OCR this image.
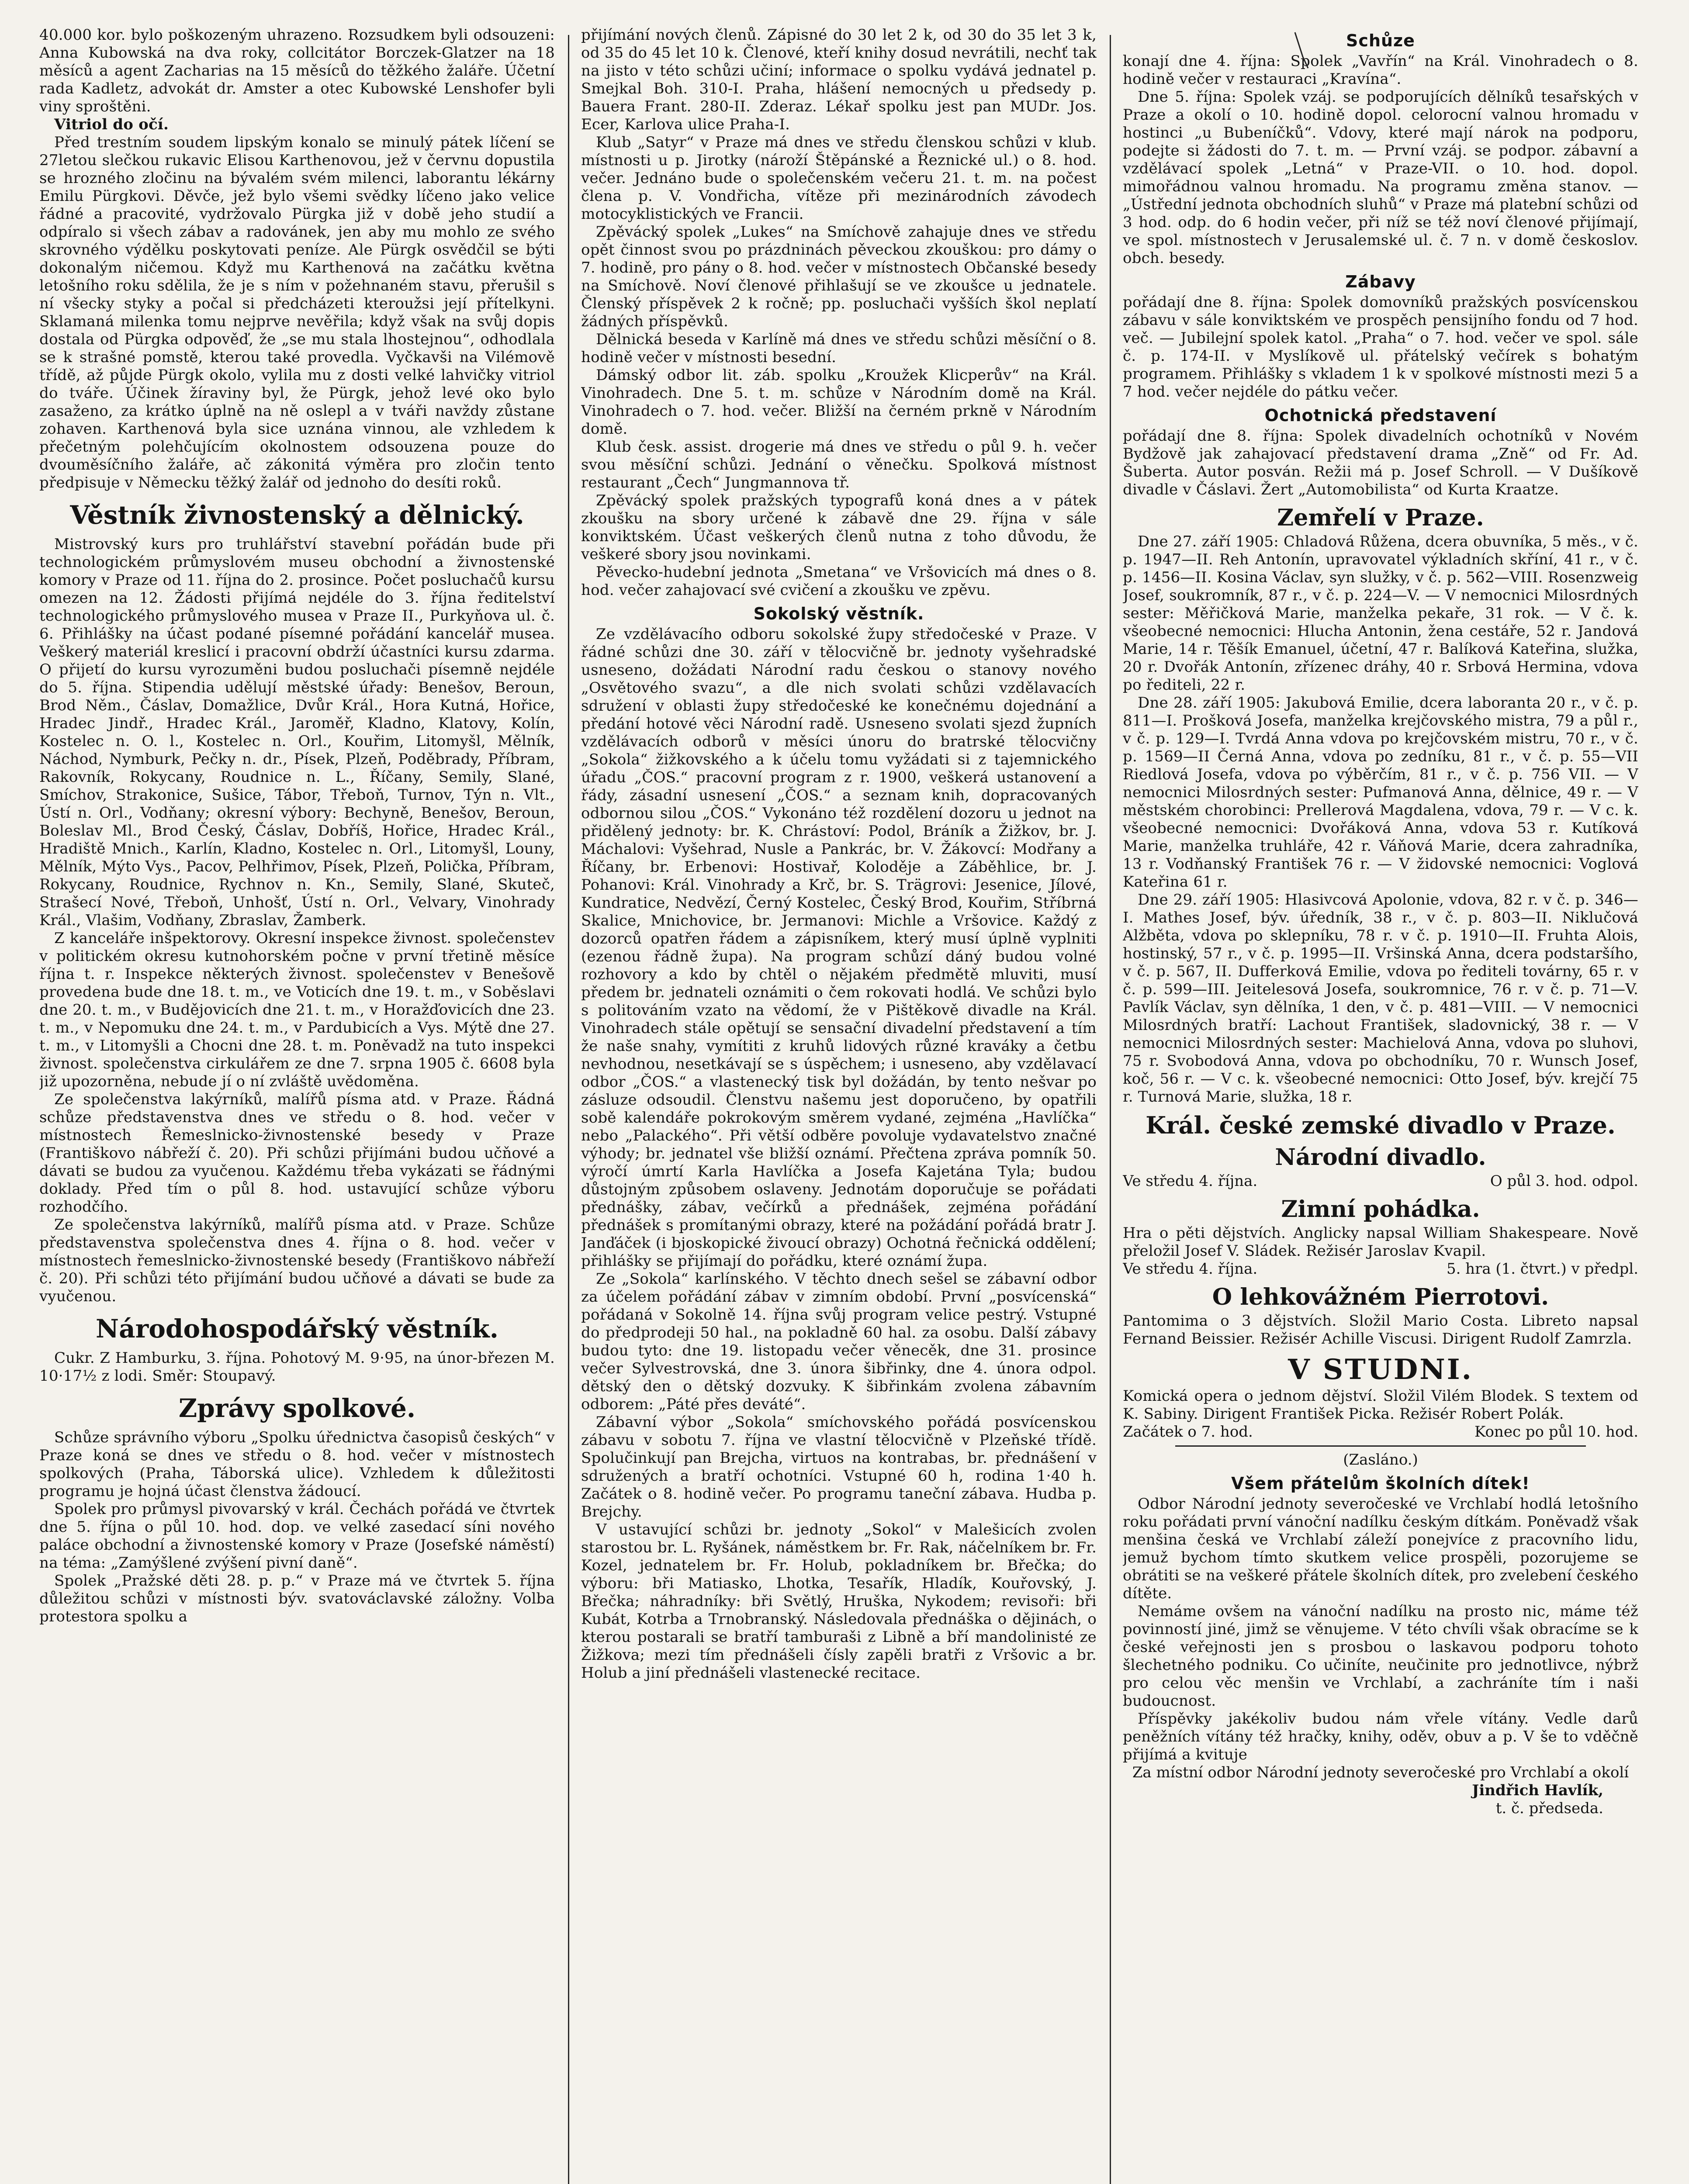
40.000 kor. bylo poškozeným uhrazeno. Rozsudkem byli odsouzeni: Anna Kubowská na dva roky, collcitátor Borczek-Glatzer na 18 měsíců a agent Zacharias na 15 měsíců do těžkého žaláře. Účetní rada Kadletz, advokát dr. Amster a otec Kubowské Lenshofer byli viny sproštěni.

Vitriol do očí.

Před trestním soudem lipským konalo se minulý pátek líčení se 27letou slečkou rukavic Elisou Karthenovou, jež v červnu dopustila se hrozného zločinu na bývalém svém milenci, laborantu lékárny Emilu Pürgkovi. Děvče, jež bylo všemi svědky líčeno jako velice řádné a pracovité, vydržovalo Pürgka již v době jeho studií a odpíralo si všech zábav a radovánek, jen aby mu mohlo ze svého skrovného výdělku poskytovati peníze. Ale Pürgk osvědčil se býti dokonalým ničemou. Když mu Karthenová na začátku května letošního roku sdělila, že je s ním v požehnaném stavu, přerušil s ní všecky styky a počal si předcházeti kteroužsi její přítelkyni. Sklamaná milenka tomu nejprve nevěřila; když však na svůj dopis dostala od Pürgka odpověď, že „se mu stala lhostejnou“, odhodlala se k strašné pomstě, kterou také provedla. Vyčkavši na Vilémově třídě, až půjde Pürgk okolo, vylila mu z dosti velké lahvičky vitriol do tváře. Účinek žíraviny byl, že Pürgk, jehož levé oko bylo zasaženo, za krátko úplně na ně oslepl a v tváři navždy zůstane zohaven. Karthenová byla sice uznána vinnou, ale vzhledem k přečetným polehčujícím okolnostem odsouzena pouze do dvouměsíčního žaláře, ač zákonitá výměra pro zločin tento předpisuje v Německu těžký žalář od jednoho do desíti roků.

Věstník živnostenský a dělnický.

Mistrovský kurs pro truhlářství stavební pořádán bude při technologickém průmyslovém museu obchodní a živnostenské komory v Praze od 11. října do 2. prosince. Počet posluchačů kursu omezen na 12. Žádosti přijímá nejdéle do 3. října ředitelství technologického průmyslového musea v Praze II., Purkyňova ul. č. 6. Přihlášky na účast podané písemné pořádání kancelář musea. Veškerý materiál kreslicí i pracovní obdrží účastníci kursu zdarma. O přijetí do kursu vyrozuměni budou posluchači písemně nejdéle do 5. října. Stipendia udělují městské úřady: Benešov, Beroun, Brod Něm., Čáslav, Domažlice, Dvůr Král., Hora Kutná, Hořice, Hradec Jindř., Hradec Král., Jaroměř, Kladno, Klatovy, Kolín, Kostelec n. O. l., Kostelec n. Orl., Kouřim, Litomyšl, Mělník, Náchod, Nymburk, Pečky n. dr., Písek, Plzeň, Poděbrady, Příbram, Rakovník, Rokycany, Roudnice n. L., Říčany, Semily, Slané, Smíchov, Strakonice, Sušice, Tábor, Třeboň, Turnov, Týn n. Vlt., Ústí n. Orl., Vodňany; okresní výbory: Bechyně, Benešov, Beroun, Boleslav Ml., Brod Český, Čáslav, Dobříš, Hořice, Hradec Král., Hradiště Mnich., Karlín, Kladno, Kostelec n. Orl., Litomyšl, Louny, Mělník, Mýto Vys., Pacov, Pelhřimov, Písek, Plzeň, Polička, Příbram, Rokycany, Roudnice, Rychnov n. Kn., Semily, Slané, Skuteč, Strašecí Nové, Třeboň, Unhošť, Ústí n. Orl., Velvary, Vinohrady Král., Vlašim, Vodňany, Zbraslav, Žamberk.

Z kanceláře inšpektorovy. Okresní inspekce živnost. společenstev v politickém okresu kutnohorském počne v první třetině měsíce října t. r. Inspekce některých živnost. společenstev v Benešově provedena bude dne 18. t. m., ve Voticích dne 19. t. m., v Soběslavi dne 20. t. m., v Budějovicích dne 21. t. m., v Horažďovicích dne 23. t. m., v Nepomuku dne 24. t. m., v Pardubicích a Vys. Mýtě dne 27. t. m., v Litomyšli a Chocni dne 28. t. m. Poněvadž na tuto inspekci živnost. společenstva cirkulářem ze dne 7. srpna 1905 č. 6608 byla již upozorněna, nebude jí o ní zvláště uvědoměna.

Ze společenstva lakýrníků, malířů písma atd. v Praze. Řádná schůze představenstva dnes ve středu o 8. hod. večer v místnostech Řemeslnicko-živnostenské besedy v Praze (Františkovo nábřeží č. 20). Při schůzi přijímáni budou učňové a dávati se budou za vyučenou. Každému třeba vykázati se řádnými doklady. Před tím o půl 8. hod. ustavující schůze výboru rozhodčího.

Ze společenstva lakýrníků, malířů písma atd. v Praze. Schůze představenstva společenstva dnes 4. října o 8. hod. večer v místnostech řemeslnicko-živnostenské besedy (Františkovo nábřeží č. 20). Při schůzi této přijímání budou učňové a dávati se bude za vyučenou.

Národohospodářský věstník.

Cukr. Z Hamburku, 3. října. Pohotový M. 9·95, na únor-březen M. 10·17½ z lodi. Směr: Stoupavý.

Zprávy spolkové.

Schůze správního výboru „Spolku úřednictva časopisů českých“ v Praze koná se dnes ve středu o 8. hod. večer v místnostech spolkových (Praha, Táborská ulice). Vzhledem k důležitosti programu je hojná účast členstva žádoucí.

Spolek pro průmysl pivovarský v král. Čechách pořádá ve čtvrtek dne 5. října o půl 10. hod. dop. ve velké zasedací síni nového paláce obchodní a živnostenské komory v Praze (Josefské náměstí) na téma: „Zamýšlené zvýšení pivní daně“.

Spolek „Pražské děti 28. p. p.“ v Praze má ve čtvrtek 5. října důležitou schůzi v místnosti býv. svatováclavské záložny. Volba protestora spolku a

přijímání nových členů. Zápisné do 30 let 2 k, od 30 do 35 let 3 k, od 35 do 45 let 10 k. Členové, kteří knihy dosud nevrátili, nechť tak na jisto v této schůzi učiní; informace o spolku vydává jednatel p. Smejkal Boh. 310-I. Praha, hlášení nemocných u předsedy p. Bauera Frant. 280-II. Zderaz. Lékař spolku jest pan MUDr. Jos. Ecer, Karlova ulice Praha-I.

Klub „Satyr“ v Praze má dnes ve středu členskou schůzi v klub. místnosti u p. Jirotky (nároží Štěpánské a Řeznické ul.) o 8. hod. večer. Jednáno bude o společenském večeru 21. t. m. na počest člena p. V. Vondřicha, vítěze při mezinárodních závodech motocyklistických ve Francii.

Zpěvácký spolek „Lukes“ na Smíchově zahajuje dnes ve středu opět činnost svou po prázdninách pěveckou zkouškou: pro dámy o 7. hodině, pro pány o 8. hod. večer v místnostech Občanské besedy na Smíchově. Noví členové přihlašují se ve zkoušce u jednatele. Členský příspěvek 2 k ročně; pp. posluchači vyšších škol neplatí žádných příspěvků.

Dělnická beseda v Karlíně má dnes ve středu schůzi měsíční o 8. hodině večer v místnosti besední.

Dámský odbor lit. záb. spolku „Kroužek Klicperův“ na Král. Vinohradech. Dne 5. t. m. schůze v Národním domě na Král. Vinohradech o 7. hod. večer. Bližší na černém prkně v Národním domě.

Klub česk. assist. drogerie má dnes ve středu o půl 9. h. večer svou měsíční schůzi. Jednání o věnečku. Spolková místnost restaurant „Čech“ Jungmannova tř.

Zpěvácký spolek pražských typografů koná dnes a v pátek zkoušku na sbory určené k zábavě dne 29. října v sále konviktském. Účast veškerých členů nutna z toho důvodu, že veškeré sbory jsou novinkami.

Pěvecko-hudební jednota „Smetana“ ve Vršovicích má dnes o 8. hod. večer zahajovací své cvičení a zkoušku ve zpěvu.

Sokolský věstník.

Ze vzdělávacího odboru sokolské župy středočeské v Praze. V řádné schůzi dne 30. září v tělocvičně br. jednoty vyšehradské usneseno, dožádati Národní radu českou o stanovy nového „Osvětového svazu“, a dle nich svolati schůzi vzdělavacích sdružení v oblasti župy středočeské ke konečnému dojednání a předání hotové věci Národní radě. Usneseno svolati sjezd župních vzdělávacích odborů v měsíci únoru do bratrské tělocvičny „Sokola“ žižkovského a k účelu tomu vyžádati si z tajemnického úřadu „ČOS.“ pracovní program z r. 1900, veškerá ustanovení a řády, zásadní usnesení „ČOS.“ a seznam knih, dopracovaných odbornou silou „ČOS.“ Vykonáno též rozdělení dozoru u jednot na přidělený jednoty: br. K. Chrástoví: Podol, Bráník a Žižkov, br. J. Máchalovi: Vyšehrad, Nusle a Pankrác, br. V. Žákovcí: Modřany a Říčany, br. Erbenovi: Hostivař, Koloděje a Záběhlice, br. J. Pohanovi: Král. Vinohrady a Krč, br. S. Trägrovi: Jesenice, Jílové, Kundratice, Nedvězí, Černý Kostelec, Český Brod, Kouřim, Stříbrná Skalice, Mnichovice, br. Jermanovi: Michle a Vršovice. Každý z dozorců opatřen řádem a zápisníkem, který musí úplně vyplniti (ezenou řádně župa). Na program schůzí dáný budou volné rozhovory a kdo by chtěl o nějakém předmětě mluviti, musí předem br. jednateli oznámiti o čem rokovati hodlá. Ve schůzi bylo s politováním vzato na vědomí, že v Pištěkově divadle na Král. Vinohradech stále opětují se sensační divadelní představení a tím že naše snahy, vymítiti z kruhů lidových různé kraváky a četbu nevhodnou, nesetkávají se s úspěchem; i usneseno, aby vzdělavací odbor „ČOS.“ a vlastenecký tisk byl dožádán, by tento nešvar po zásluze odsoudil. Členstvu našemu jest doporučeno, by opatřili sobě kalendáře pokrokovým směrem vydané, zejména „Havlíčka“ nebo „Palackého“. Při větší odběre povoluje vydavatelstvo značné výhody; br. jednatel vše bližší oznámí. Přečtena zpráva pomník 50. výročí úmrtí Karla Havlíčka a Josefa Kajetána Tyla; budou důstojným způsobem oslaveny. Jednotám doporučuje se pořádati přednášky, zábav, večírků a přednášek, zejména pořádání přednášek s promítanými obrazy, které na požádání pořádá bratr J. Janďáček (i bjoskopické živoucí obrazy) Ochotná řečnická oddělení; přihlášky se přijímají do pořádku, které oznámí župa.

Ze „Sokola“ karlínského. V těchto dnech sešel se zábavní odbor za účelem pořádání zábav v zimním období. První „posvícenská“ pořádaná v Sokolně 14. října svůj program velice pestrý. Vstupné do předprodeji 50 hal., na pokladně 60 hal. za osobu. Další zábavy budou tyto: dne 19. listopadu večer věnecěk, dne 31. prosince večer Sylvestrovská, dne 3. února šibřinky, dne 4. února odpol. dětský den o dětský dozvuky. K šibřinkám zvolena zábavním odborem: „Páté přes deváté“.

Zábavní výbor „Sokola“ smíchovského pořádá posvícenskou zábavu v sobotu 7. října ve vlastní tělocvičně v Plzeňské třídě. Spolučinkují pan Brejcha, virtuos na kontrabas, br. přednášení v sdružených a bratří ochotníci. Vstupné 60 h, rodina 1·40 h. Začátek o 8. hodině večer. Po programu taneční zábava. Hudba p. Brejchy.

V ustavující schůzi br. jednoty „Sokol“ v Malešicích zvolen starostou br. L. Ryšánek, náměstkem br. Fr. Rak, náčelníkem br. Fr. Kozel, jednatelem br. Fr. Holub, pokladníkem br. Břečka; do výboru: bři Matiasko, Lhotka, Tesařík, Hladík, Kouřovský, J. Břečka; náhradníky: bři Světlý, Hruška, Nykodem; revisoři: bři Kubát, Kotrba a Trnobranský. Následovala přednáška o dějinách, o kterou postarali se bratří tamburaši z Libně a bří mandolinisté ze Žižkova; mezi tím přednášeli čísly zapěli bratři z Vršovic a br. Holub a jiní přednášeli vlastenecké recitace.

Schůze

konají dne 4. října: Spolek „Vavřín“ na Král. Vinohradech o 8. hodině večer v restauraci „Kravína“.

Dne 5. října: Spolek vzáj. se podporujících dělníků tesařských v Praze a okolí o 10. hodině dopol. celorocní valnou hromadu v hostinci „u Bubeníčků“. Vdovy, které mají nárok na podporu, podejte si žádosti do 7. t. m. — První vzáj. se podpor. zábavní a vzdělávací spolek „Letná“ v Praze-VII. o 10. hod. dopol. mimořádnou valnou hromadu. Na programu změna stanov. — „Ústřední jednota obchodních sluhů“ v Praze má platební schůzi od 3 hod. odp. do 6 hodin večer, při níž se též noví členové přijímají, ve spol. místnostech v Jerusalemské ul. č. 7 n. v domě českoslov. obch. besedy.

Zábavy

pořádají dne 8. října: Spolek domovníků pražských posvícenskou zábavu v sále konviktském ve prospěch pensijního fondu od 7 hod. več. — Jubilejní spolek katol. „Praha“ o 7. hod. večer ve spol. sále č. p. 174-II. v Myslíkově ul. přátelský večírek s bohatým programem. Přihlášky s vkladem 1 k v spolkové místnosti mezi 5 a 7 hod. večer nejdéle do pátku večer.

Ochotnická představení

pořádají dne 8. října: Spolek divadelních ochotníků v Novém Bydžově jak zahajovací představení drama „Zně“ od Fr. Ad. Šuberta. Autor posván. Režii má p. Josef Schroll. — V Dušíkově divadle v Čáslavi. Žert „Automobilista“ od Kurta Kraatze.

Zemřelí v Praze.

Dne 27. září 1905: Chladová Růžena, dcera obuvníka, 5 měs., v č. p. 1947—II. Reh Antonín, upravovatel výkladních skříní, 41 r., v č. p. 1456—II. Kosina Václav, syn služky, v č. p. 562—VIII. Rosenzweig Josef, soukromník, 87 r., v č. p. 224—V. — V nemocnici Milosrdných sester: Měřičková Marie, manželka pekaře, 31 rok. — V č. k. všeobecné nemocnici: Hlucha Antonin, žena cestáře, 52 r. Jandová Marie, 14 r. Těšík Emanuel, účetní, 47 r. Balíková Kateřina, služka, 20 r. Dvořák Antonín, zřízenec dráhy, 40 r. Srbová Hermina, vdova po řediteli, 22 r.

Dne 28. září 1905: Jakubová Emilie, dcera laboranta 20 r., v č. p. 811—I. Prošková Josefa, manželka krejčovského mistra, 79 a půl r., v č. p. 129—I. Tvrdá Anna vdova po krejčovském mistru, 70 r., v č. p. 1569—II Černá Anna, vdova po zedníku, 81 r., v č. p. 55—VII Riedlová Josefa, vdova po výběrčím, 81 r., v č. p. 756 VII. — V nemocnici Milosrdných sester: Pufmanová Anna, dělnice, 49 r. — V městském chorobinci: Prellerová Magdalena, vdova, 79 r. — V c. k. všeobecné nemocnici: Dvořáková Anna, vdova 53 r. Kutíková Marie, manželka truhláře, 42 r. Váňová Marie, dcera zahradníka, 13 r. Vodňanský František 76 r. — V židovské nemocnici: Voglová Kateřina 61 r.

Dne 29. září 1905: Hlasivcová Apolonie, vdova, 82 r. v č. p. 346—I. Mathes Josef, býv. úředník, 38 r., v č. p. 803—II. Niklučová Alžběta, vdova po sklepníku, 78 r. v č. p. 1910—II. Fruhta Alois, hostinský, 57 r., v č. p. 1995—II. Vršinská Anna, dcera podstaršího, v č. p. 567, II. Dufferková Emilie, vdova po řediteli továrny, 65 r. v č. p. 599—III. Jeitelesová Josefa, soukromnice, 76 r. v č. p. 71—V. Pavlík Václav, syn dělníka, 1 den, v č. p. 481—VIII. — V nemocnici Milosrdných bratří: Lachout František, sladovnický, 38 r. — V nemocnici Milosrdných sester: Machielová Anna, vdova po sluhovi, 75 r. Svobodová Anna, vdova po obchodníku, 70 r. Wunsch Josef, koč, 56 r. — V c. k. všeobecné nemocnici: Otto Josef, býv. krejčí 75 r. Turnová Marie, služka, 18 r.

Král. české zemské divadlo v Praze.
Národní divadlo.
Ve středu 4. října.	O půl 3. hod. odpol.
Zimní pohádka.

Hra o pěti dějstvích. Anglicky napsal William Shakespeare. Nově přeložil Josef V. Sládek. Režisér Jaroslav Kvapil.

Ve středu 4. října.	5. hra (1. čtvrt.) v předpl.
O lehkovážném Pierrotovi.

Pantomima o 3 dějstvích. Složil Mario Costa. Libreto napsal Fernand Beissier. Režisér Achille Viscusi. Dirigent Rudolf Zamrzla.

V STUDNI.

Komická opera o jednom dějství. Složil Vilém Blodek. S textem od K. Sabiny. Dirigent František Picka. Režisér Robert Polák.

Začátek o 7. hod.	Konec po půl 10. hod.

(Zasláno.)

Všem přátelům školních dítek!

Odbor Národní jednoty severočeské ve Vrchlabí hodlá letošního roku pořádati první vánoční nadílku českým dítkám. Poněvadž však menšina česká ve Vrchlabí záleží ponejvíce z pracovního lidu, jemuž bychom tímto skutkem velice prospěli, pozorujeme se obrátiti se na veškeré přátele školních dítek, pro zvelebení českého dítěte.

Nemáme ovšem na vánoční nadílku na prosto nic, máme též povinností jiné, jimž se věnujeme. V této chvíli však obracíme se k české veřejnosti jen s prosbou o laskavou podporu tohoto šlechetného podniku. Co učiníte, neučinite pro jednotlivce, nýbrž pro celou věc menšin ve Vrchlabí, a zachráníte tím i naši budoucnost.

Příspěvky jakékoliv budou nám vřele vítány. Vedle darů peněžních vítány též hračky, knihy, oděv, obuv a p. V še to vděčně přijímá a kvituje

Za místní odbor Národní jednoty severočeské pro Vrchlabí a okolí

Jindřich Havlík,

t. č. předseda.
